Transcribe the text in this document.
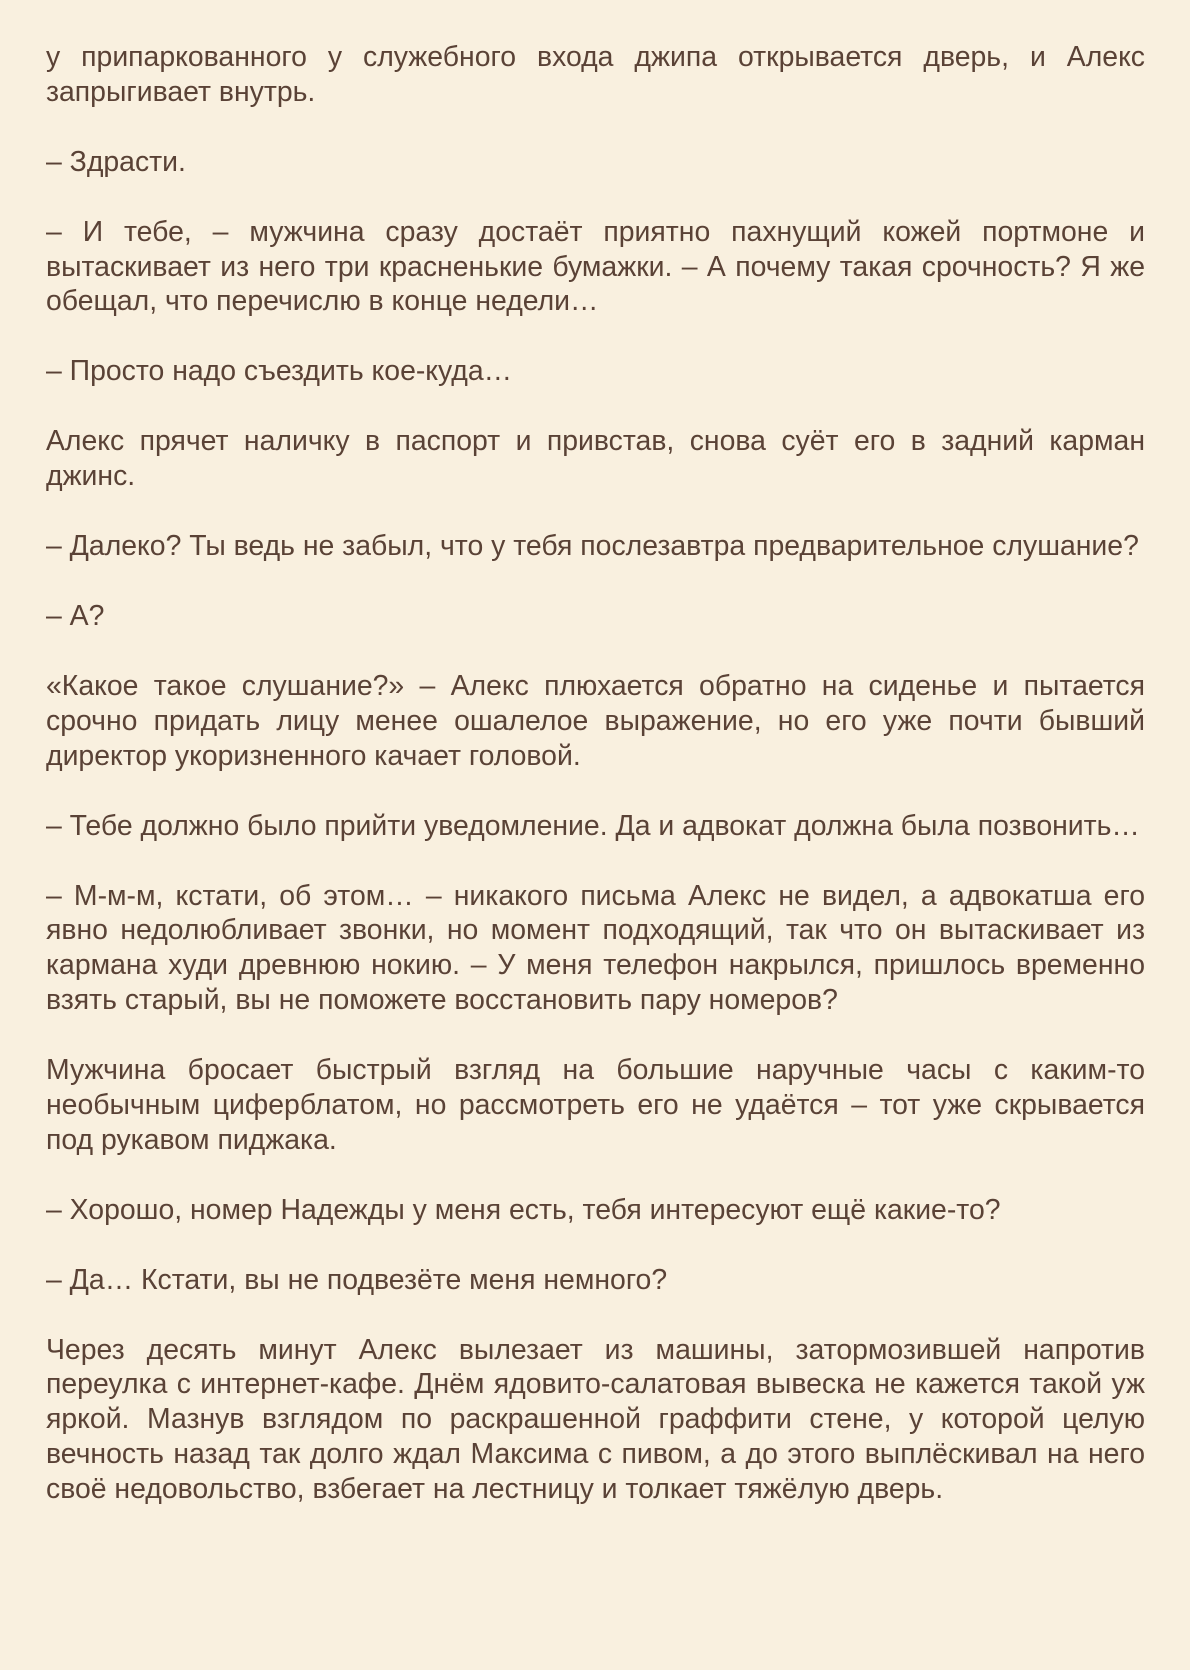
у припаркованного у служебного входа джипа открывается дверь, и Алекс запрыгивает внутрь.

– Здрасти.

– И тебе, – мужчина сразу достаёт приятно пахнущий кожей портмоне и вытаскивает из него три красненькие бумажки. – А почему такая срочность? Я же обещал, что перечислю в конце недели…

– Просто надо съездить кое-куда…

Алекс прячет наличку в паспорт и привстав, снова суёт его в задний карман джинс.

– Далеко? Ты ведь не забыл, что у тебя послезавтра предварительное слушание?

– А?

«Какое такое слушание?» – Алекс плюхается обратно на сиденье и пытается срочно придать лицу менее ошалелое выражение, но его уже почти бывший директор укоризненного качает головой.

– Тебе должно было прийти уведомление. Да и адвокат должна была позвонить…

– М-м-м, кстати, об этом… – никакого письма Алекс не видел, а адвокатша его явно недолюбливает звонки, но момент подходящий, так что он вытаскивает из кармана худи древнюю нокию. – У меня телефон накрылся, пришлось временно взять старый, вы не поможете восстановить пару номеров?

Мужчина бросает быстрый взгляд на большие наручные часы с каким-то необычным циферблатом, но рассмотреть его не удаётся – тот уже скрывается под рукавом пиджака.

– Хорошо, номер Надежды у меня есть, тебя интересуют ещё какие-то?

– Да… Кстати, вы не подвезёте меня немного?

Через десять минут Алекс вылезает из машины, затормозившей напротив переулка с интернет-кафе. Днём ядовито-салатовая вывеска не кажется такой уж яркой. Мазнув взглядом по раскрашенной граффити стене, у которой целую вечность назад так долго ждал Максима с пивом, а до этого выплёскивал на него своё недовольство, взбегает на лестницу и толкает тяжёлую дверь.
